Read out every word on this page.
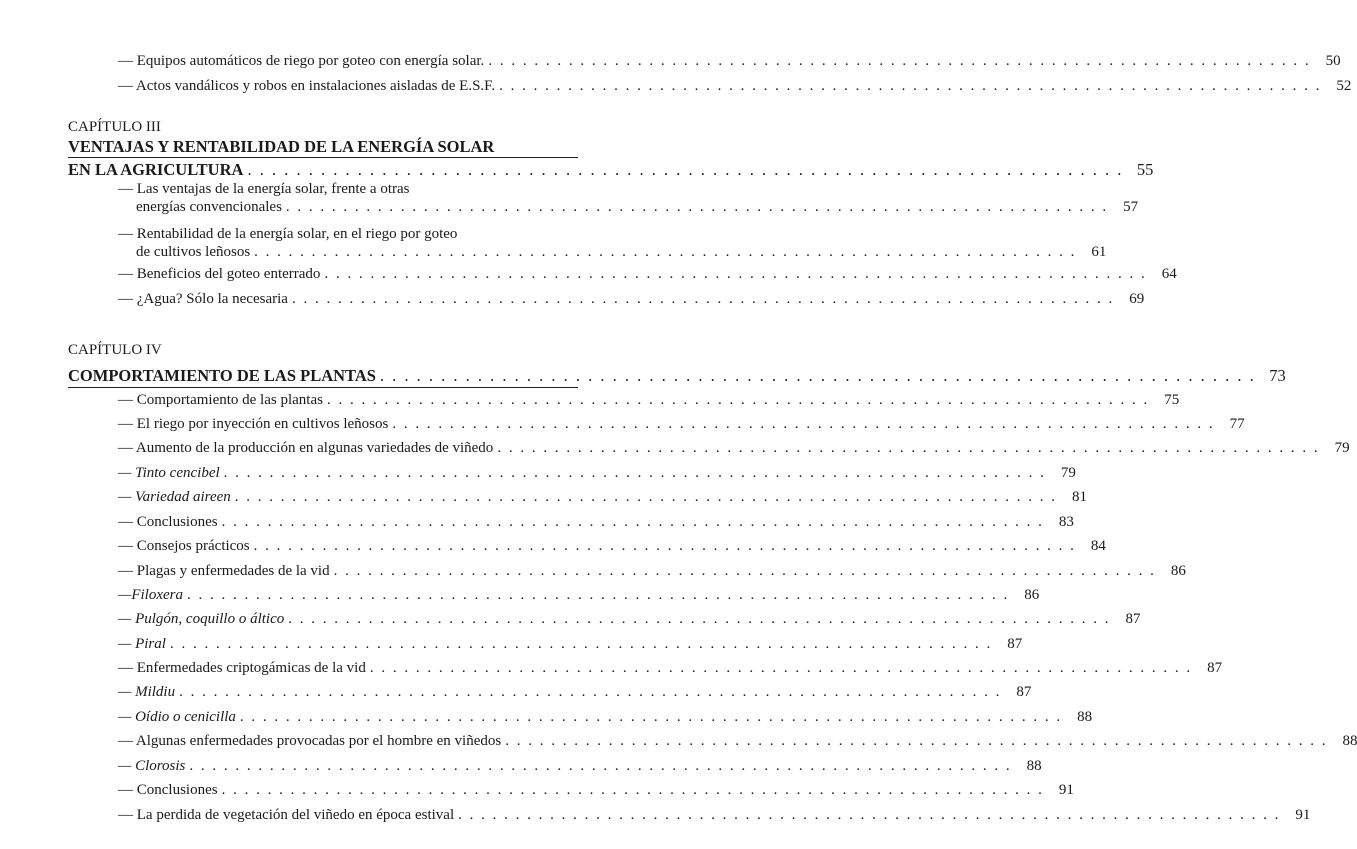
— Equipos automáticos de riego por goteo con energía solar. . . .	50
— Actos vandálicos y robos en instalaciones aisladas de E.S.F. . . .	52
CAPÍTULO III
VENTAJAS Y RENTABILIDAD DE LA ENERGÍA SOLAR
EN LA AGRICULTURA . . .	55
— Las ventajas de la energía solar, frente a otras
energías convencionales . . .	57
— Rentabilidad de la energía solar, en el riego por goteo
de cultivos leñosos . . .	61
— Beneficios del goteo enterrado . . .	64
— ¿Agua? Sólo la necesaria . . .	69
CAPÍTULO IV
COMPORTAMIENTO DE LAS PLANTAS . . .	73
— Comportamiento de las plantas . . .	75
— El riego por inyección en cultivos leñosos . . .	77
— Aumento de la producción en algunas variedades de viñedo . . .	79
— Tinto cencibel . . .	79
— Variedad aireen . . .	81
— Conclusiones . . .	83
— Consejos prácticos . . .	84
— Plagas y enfermedades de la vid . . .	86
—Filoxera . . .	86
— Pulgón, coquillo o áltico . . .	87
— Piral . . .	87
— Enfermedades criptogámicas de la vid . . .	87
— Mildiu . . .	87
— Oídio o cenicilla . . .	88
— Algunas enfermedades provocadas por el hombre en viñedos . . .	88
— Clorosis . . .	88
— Conclusiones . . .	91
— La perdida de vegetación del viñedo en época estival . . .	91
